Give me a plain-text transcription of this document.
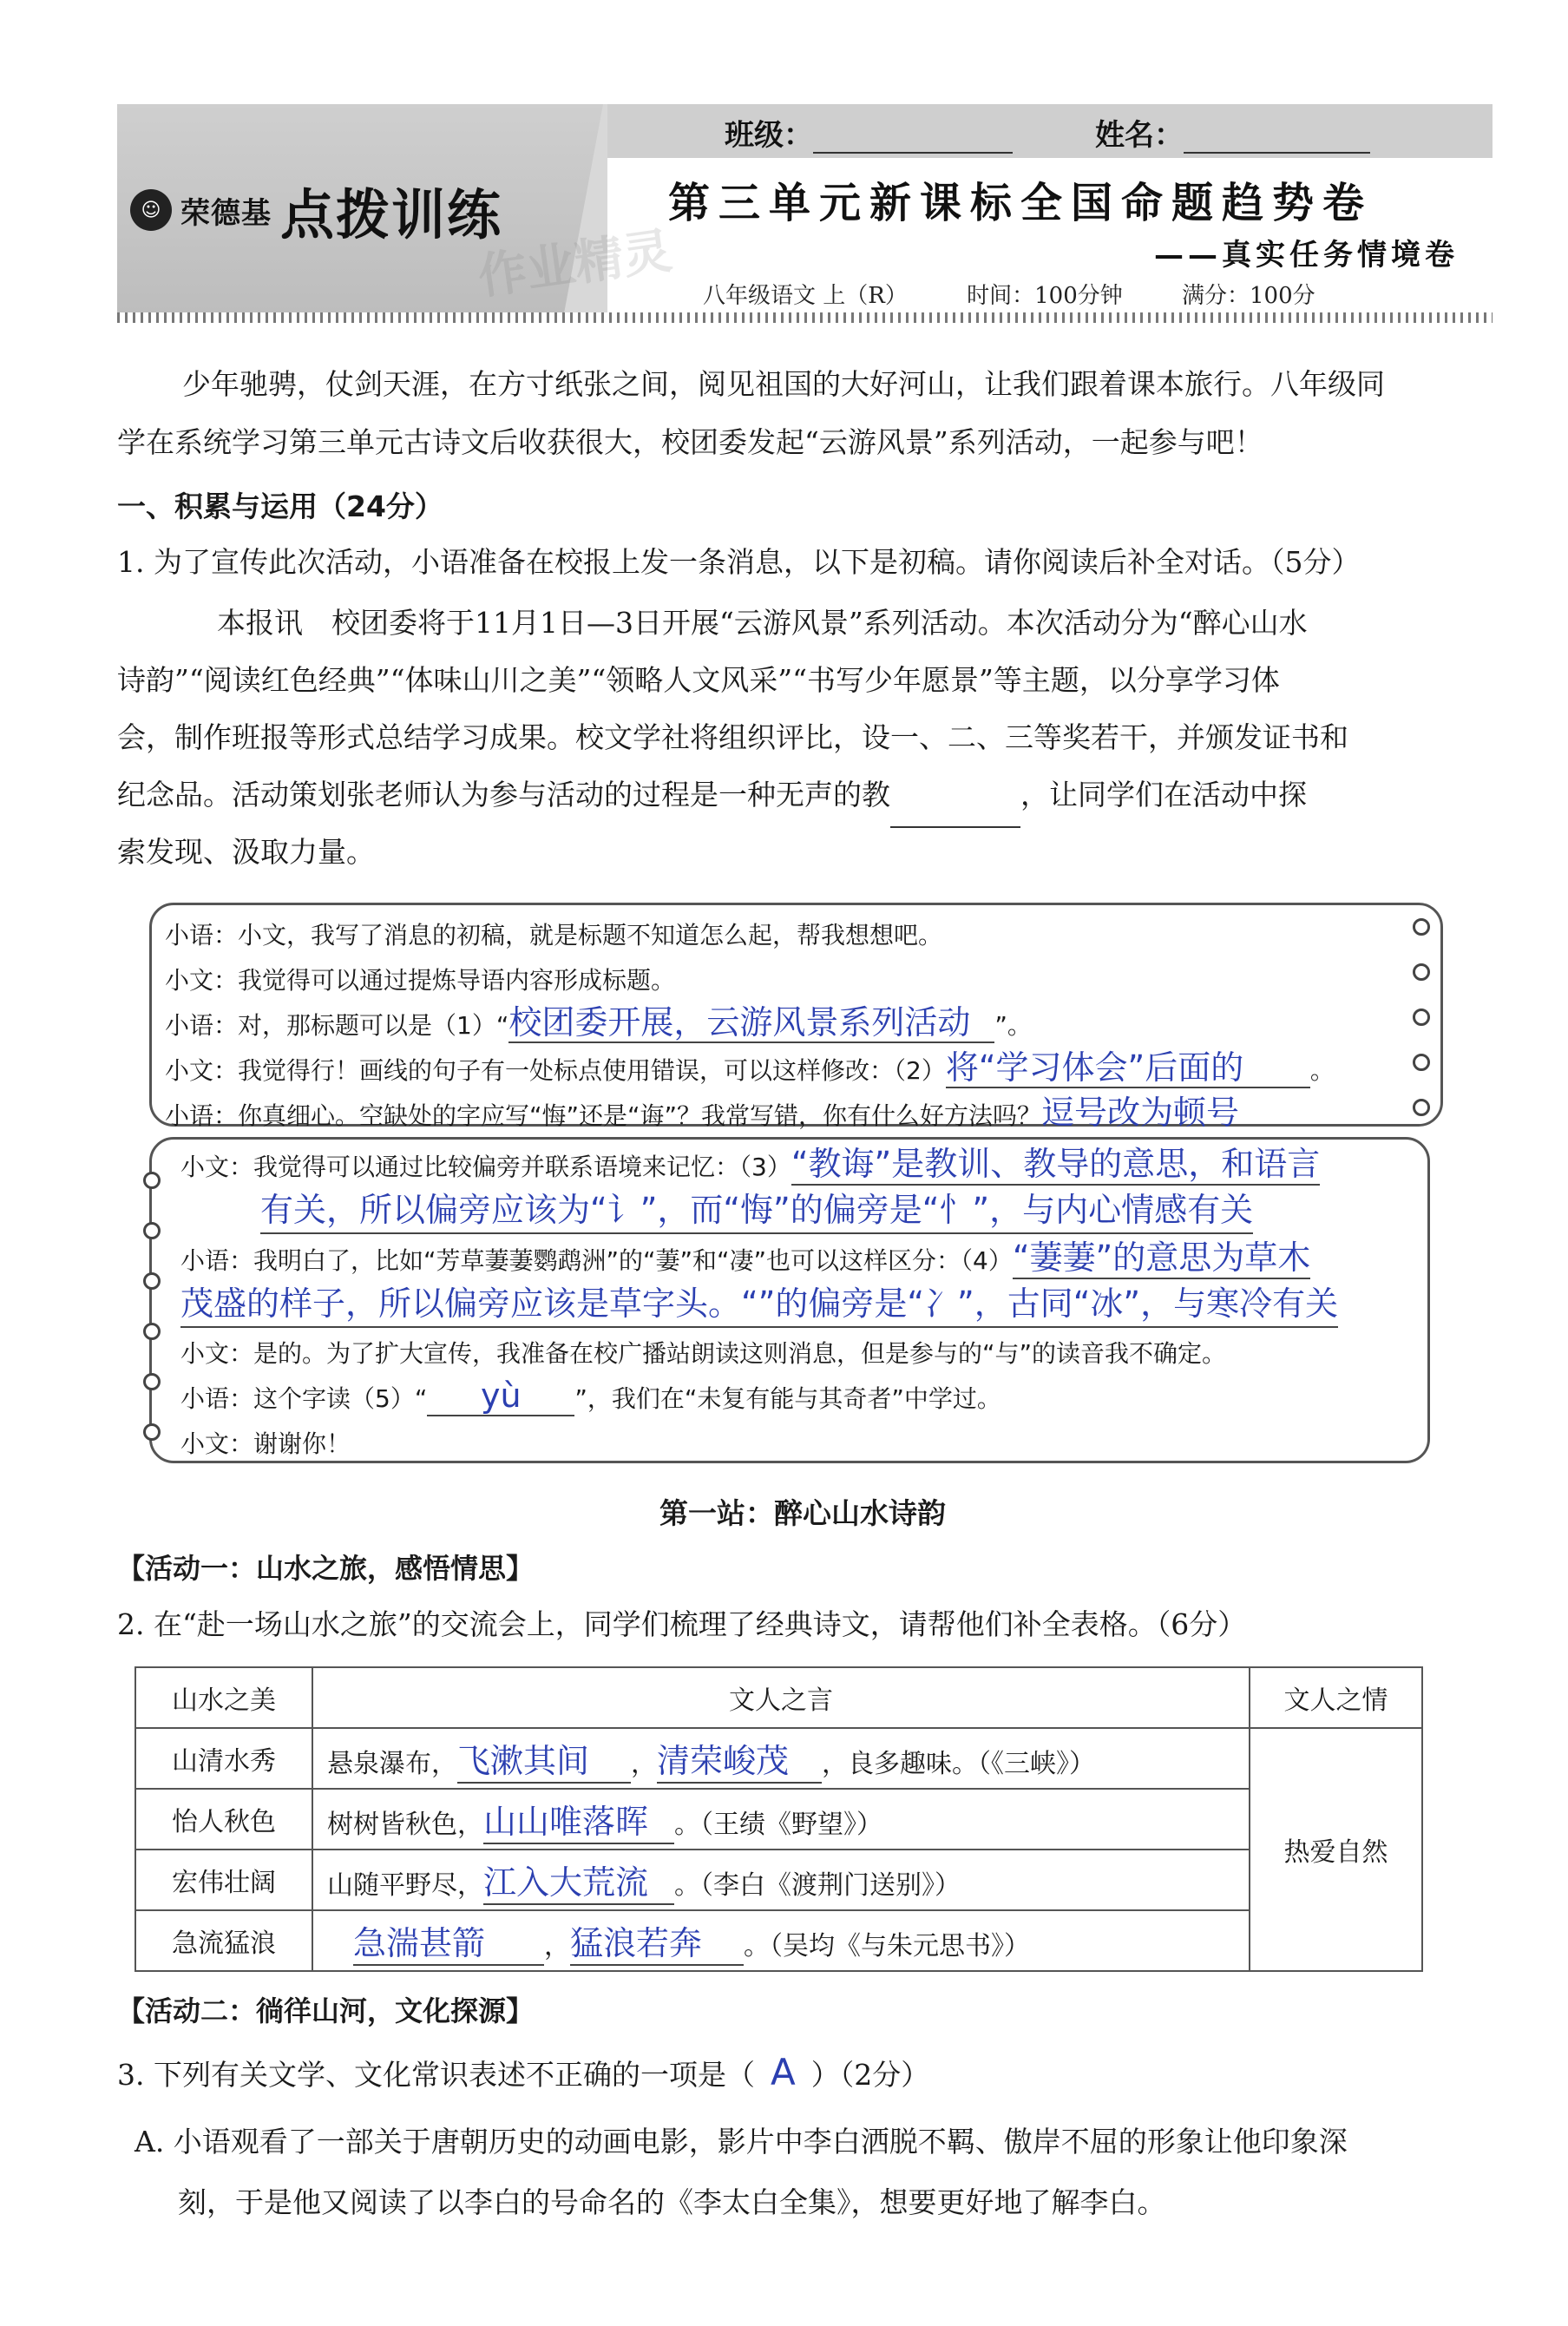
班级：	姓名：
☺ 荣德基 点拨训练	第三单元新课标全国命题趋势卷
——真实任务情境卷
八年级语文 上（R）	时间：100分钟	满分：100分
作业精灵
少年驰骋，仗剑天涯，在方寸纸张之间，阅见祖国的大好河山，让我们跟着课本旅行。八年级同
学在系统学习第三单元古诗文后收获很大，校团委发起“云游风景”系列活动，一起参与吧！
一、积累与运用（24分）
1. 为了宣传此次活动，小语准备在校报上发一条消息，以下是初稿。请你阅读后补全对话。（5分）
本报讯　校团委将于11月1日—3日开展“云游风景”系列活动。本次活动分为“醉心山水
诗韵”“阅读红色经典”“体味山川之美”“领略人文风采”“书写少年愿景”等主题，以分享学习体
会，制作班报等形式总结学习成果。校文学社将组织评比，设一、二、三等奖若干，并颁发证书和
纪念品。活动策划张老师认为参与活动的过程是一种无声的教	，让同学们在活动中探
索发现、汲取力量。
小语：小文，我写了消息的初稿，就是标题不知道怎么起，帮我想想吧。
小文：我觉得可以通过提炼导语内容形成标题。
小语：对，那标题可以是（1）“校团委开展，云游风景系列活动 ”。
小文：我觉得行！画线的句子有一处标点使用错误，可以这样修改：（2）将“学习体会”后面的	。
小语：你真细心。空缺处的字应写“悔”还是“诲”？我常写错，你有什么好方法吗？逗号改为顿号
小文：我觉得可以通过比较偏旁并联系语境来记忆：（3）“教诲”是教训、教导的意思，和语言
有关，所以偏旁应该为“讠”，而“悔”的偏旁是“忄”，与内心情感有关
小语：我明白了，比如“芳草萋萋鹦鹉洲”的“萋”和“凄”也可以这样区分：（4）“萋萋”的意思为草木
茂盛的样子，所以偏旁应该是草字头。“”的偏旁是“冫”，古同“冰”，与寒冷有关
小文：是的。为了扩大宣传，我准备在校广播站朗读这则消息，但是参与的“与”的读音我不确定。
小语：这个字读（5）“ yù ”，我们在“未复有能与其奇者”中学过。
小文：谢谢你！
第一站：醉心山水诗韵
【活动一：山水之旅，感悟情思】
2. 在“赴一场山水之旅”的交流会上，同学们梳理了经典诗文，请帮他们补全表格。（6分）
山水之美	文人之言	文人之情
山清水秀	悬泉瀑布，飞漱其间 ，清荣峻茂 ，良多趣味。（《三峡》）	热爱自然
怡人秋色	树树皆秋色，山山唯落晖 。（王绩《野望》）	
宏伟壮阔	山随平野尽，江入大荒流 。（李白《渡荆门送别》）	
急流猛浪	急湍甚箭 ，猛浪若奔 。（吴均《与朱元思书》）	
【活动二：徜徉山河，文化探源】
3. 下列有关文学、文化常识表述不正确的一项是（ A ）（2分）
A. 小语观看了一部关于唐朝历史的动画电影，影片中李白洒脱不羁、傲岸不屈的形象让他印象深
刻，于是他又阅读了以李白的号命名的《李太白全集》，想要更好地了解李白。
